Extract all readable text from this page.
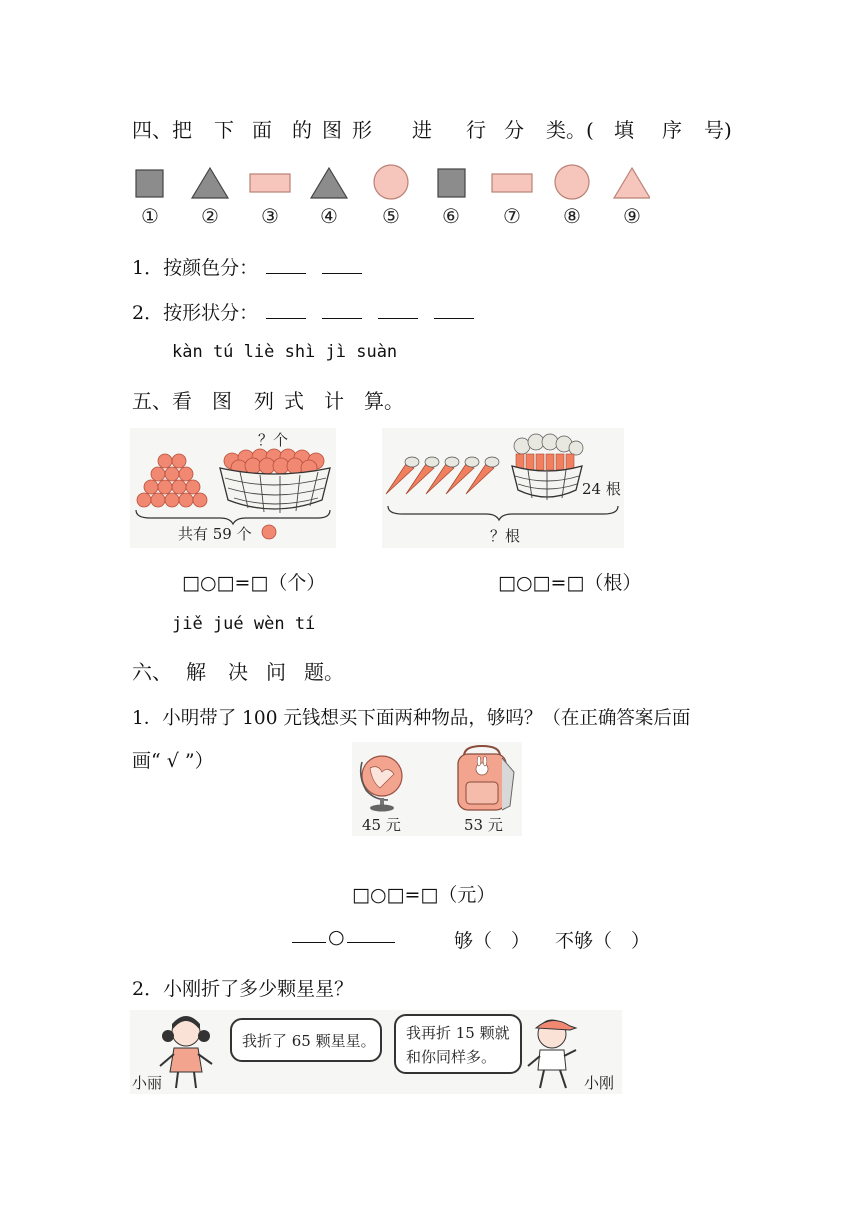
四、把 下 面 的 图 形 进 行 分 类。( 填 序 号)
①	②	③	④	⑤	⑥	⑦	⑧	⑨
1．按颜色分：
2．按形状分：
kàn tú liè shì jì suàn
五、看 图 列 式 计 算。
？个
共有 59 个
24 根
？根
□○□=□（个）	□○□=□（根）
jiě jué wèn tí
六、 解 决 问 题。
1．小明带了 100 元钱想买下面两种物品，够吗？（在正确答案后面
画“ √ ”）
45 元	53 元
□○□=□（元）
○	够（　） 不够（　）
2．小刚折了多少颗星星？
我折了 65 颗星星。 我再折 15 颗就
和你同样多。
小丽	小刚
